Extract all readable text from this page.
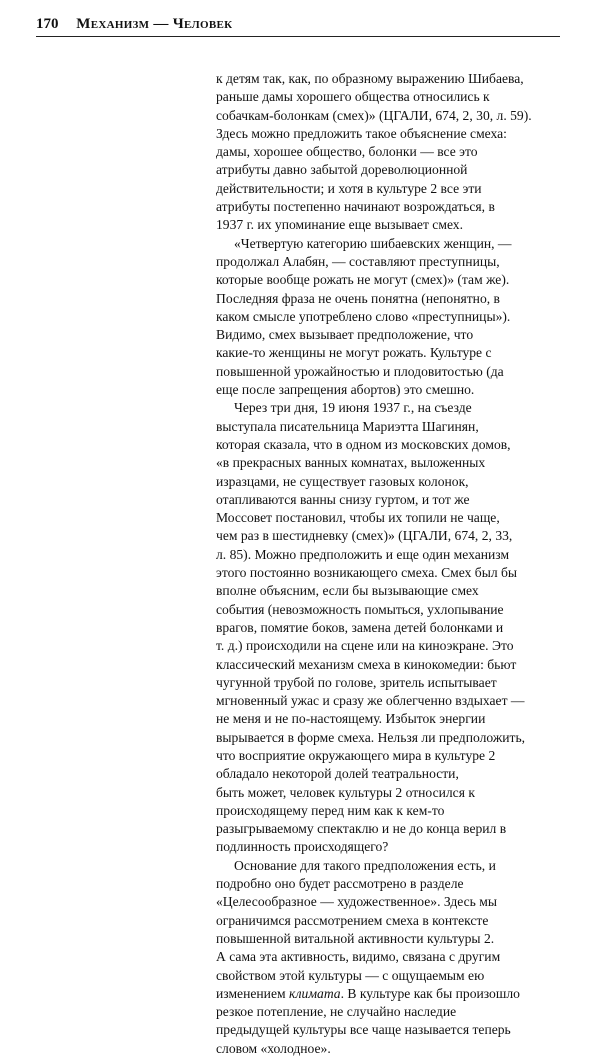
170 Механизм — Человек
к детям так, как, по образному выражению Шибаева,
раньше дамы хорошего общества относились к
собачкам-болонкам (смех)» (ЦГАЛИ, 674, 2, 30, л. 59).
Здесь можно предложить такое объяснение смеха:
дамы, хорошее общество, болонки — все это
атрибуты давно забытой дореволюционной
действительности; и хотя в культуре 2 все эти
атрибуты постепенно начинают возрождаться, в
1937 г. их упоминание еще вызывает смех.
«Четвертую категорию шибаевских женщин, —
продолжал Алабян, — составляют преступницы,
которые вообще рожать не могут (смех)» (там же).
Последняя фраза не очень понятна (непонятно, в
каком смысле употреблено слово «преступницы»).
Видимо, смех вызывает предположение, что
какие-то женщины не могут рожать. Культуре с
повышенной урожайностью и плодовитостью (да
еще после запрещения абортов) это смешно.
Через три дня, 19 июня 1937 г., на съезде
выступала писательница Мариэтта Шагинян,
которая сказала, что в одном из московских домов,
«в прекрасных ванных комнатах, выложенных
изразцами, не существует газовых колонок,
отапливаются ванны снизу гуртом, и тот же
Моссовет постановил, чтобы их топили не чаще,
чем раз в шестидневку (смех)» (ЦГАЛИ, 674, 2, 33,
л. 85). Можно предположить и еще один механизм
этого постоянно возникающего смеха. Смех был бы
вполне объясним, если бы вызывающие смех
события (невозможность помыться, ухлопывание
врагов, помятие боков, замена детей болонками и
т. д.) происходили на сцене или на киноэкране. Это
классический механизм смеха в кинокомедии: бьют
чугунной трубой по голове, зритель испытывает
мгновенный ужас и сразу же облегченно вздыхает —
не меня и не по-настоящему. Избыток энергии
вырывается в форме смеха. Нельзя ли предположить,
что восприятие окружающего мира в культуре 2
обладало некоторой долей театральности,
быть может, человек культуры 2 относился к
происходящему перед ним как к кем-то
разыгрываемому спектаклю и не до конца верил в
подлинность происходящего?
Основание для такого предположения есть, и
подробно оно будет рассмотрено в разделе
«Целесообразное — художественное». Здесь мы
ограничимся рассмотрением смеха в контексте
повышенной витальной активности культуры 2.
А сама эта активность, видимо, связана с другим
свойством этой культуры — с ощущаемым ею
изменением климата. В культуре как бы произошло
резкое потепление, не случайно наследие
предыдущей культуры все чаще называется теперь
словом «холодное».
